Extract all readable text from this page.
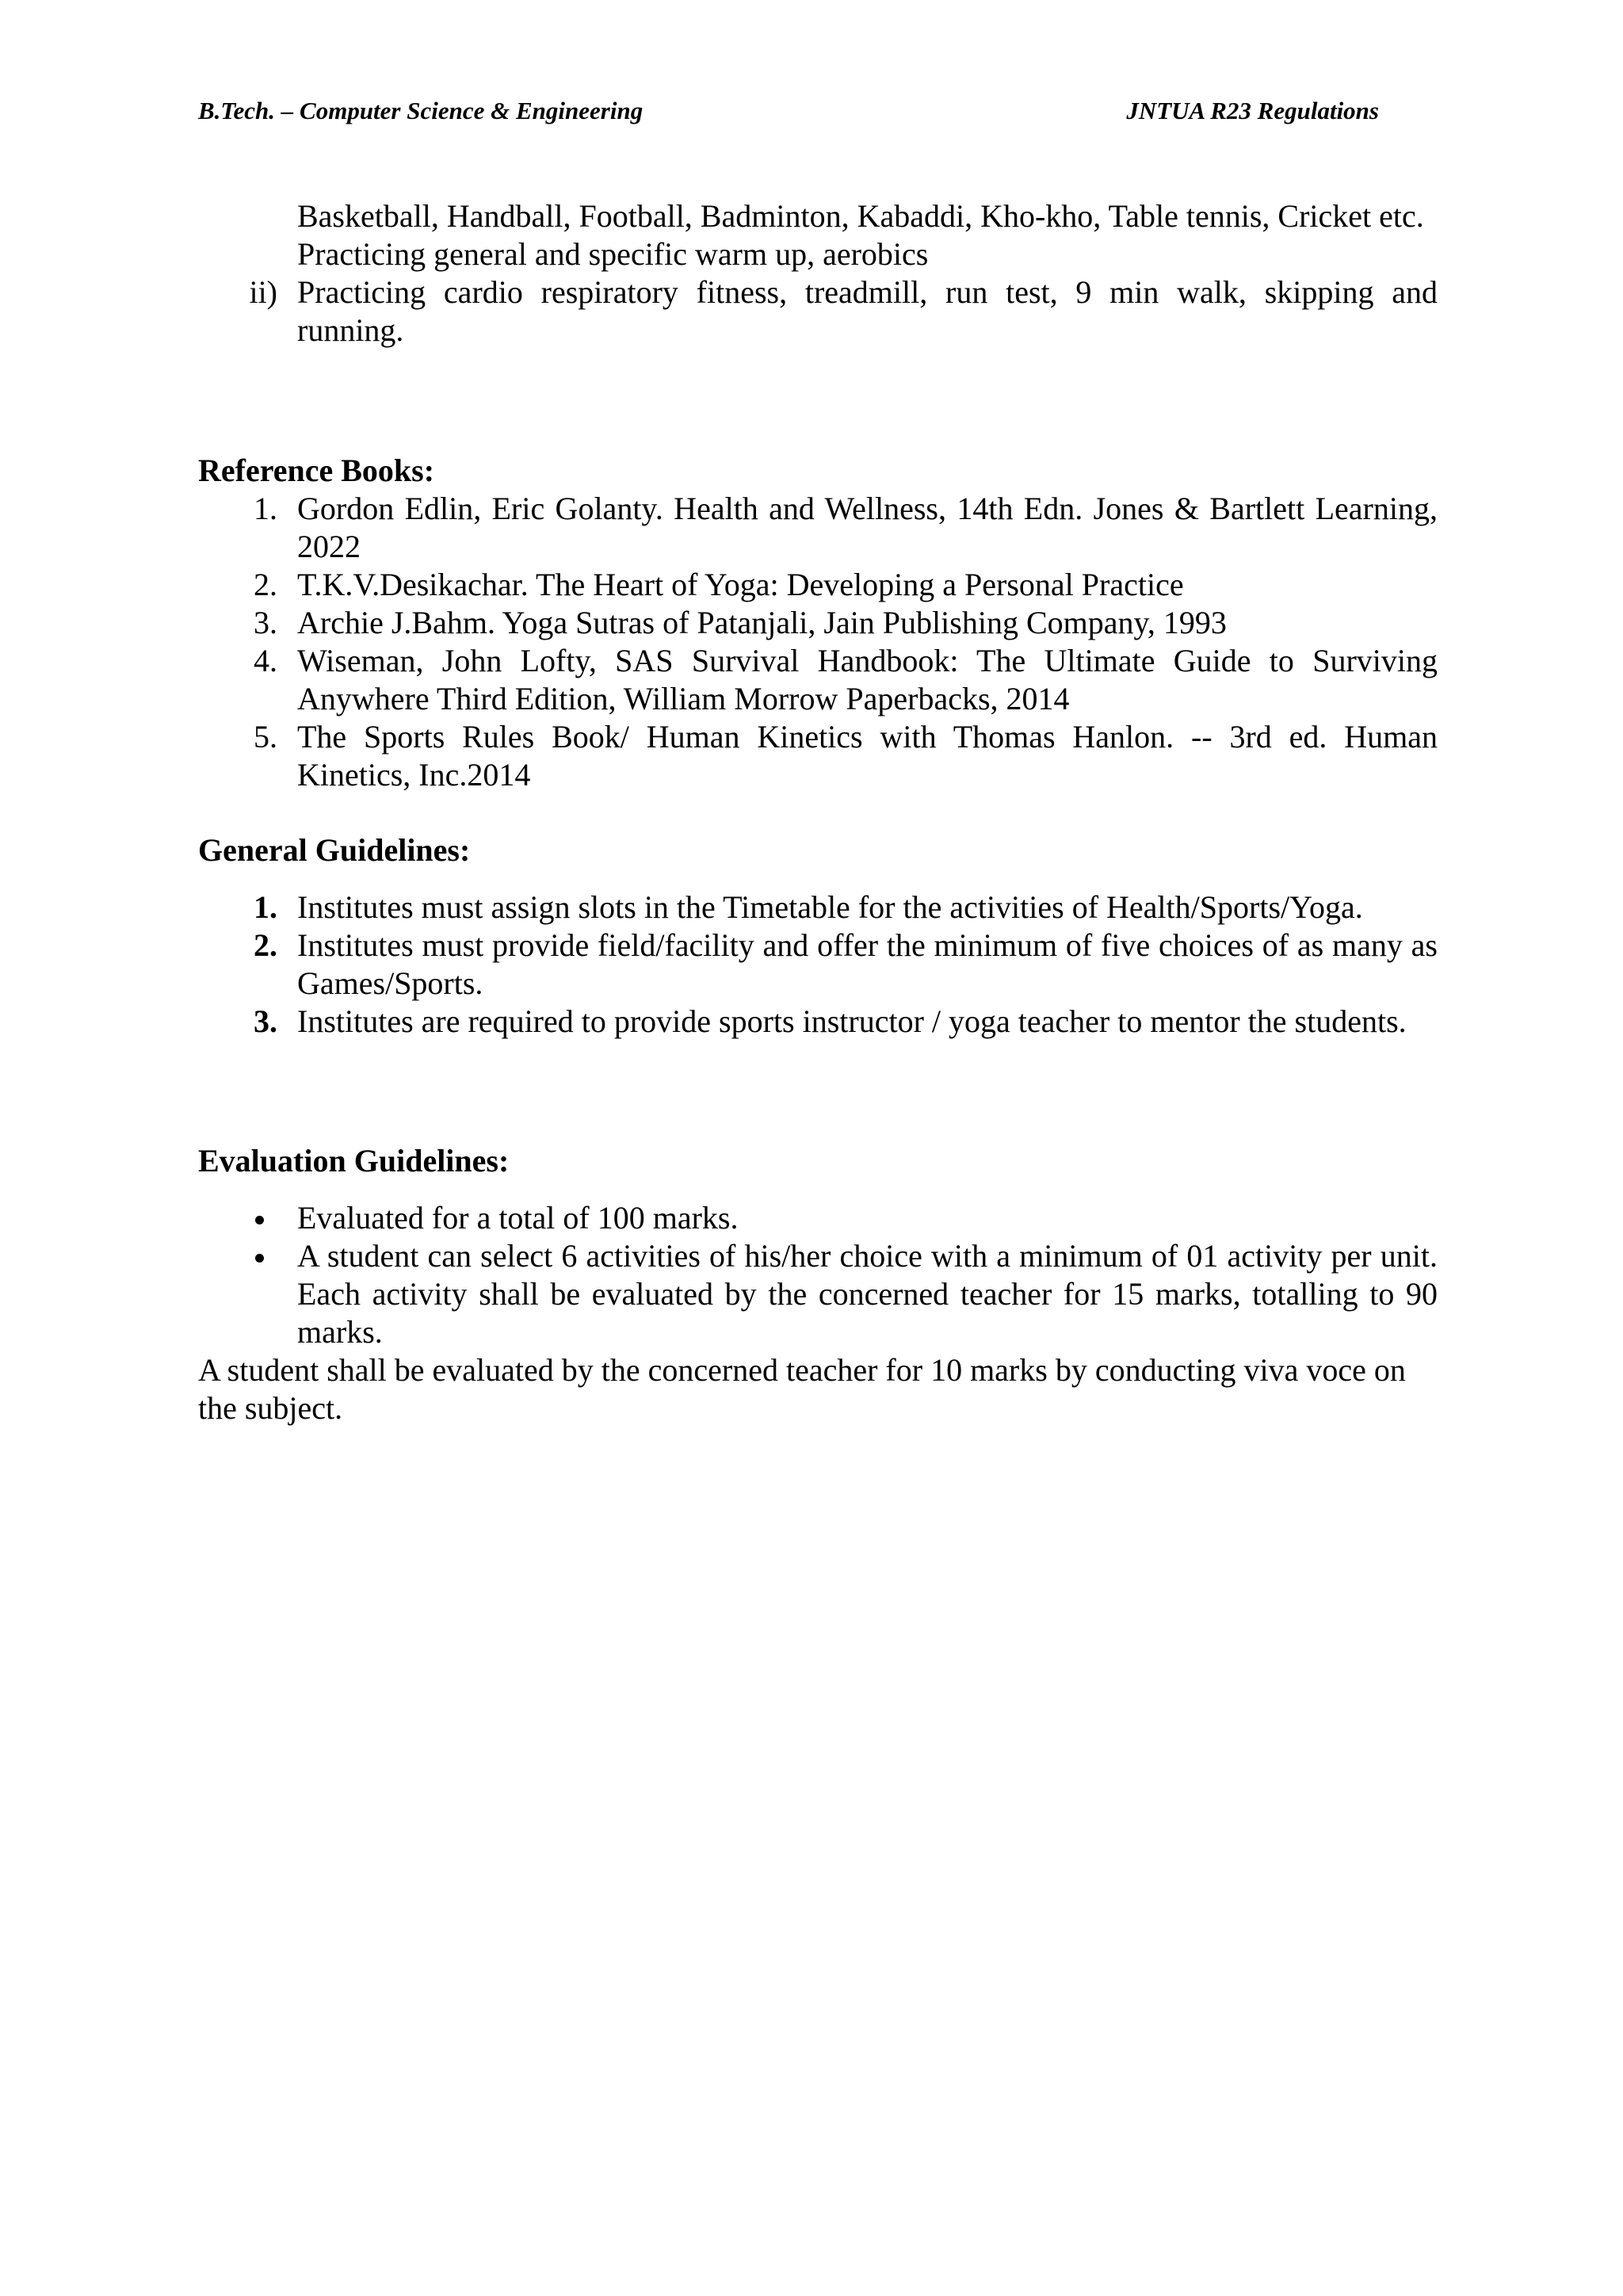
B.Tech. – Computer Science & Engineering	JNTUA R23 Regulations
Basketball, Handball, Football, Badminton, Kabaddi, Kho-kho, Table tennis, Cricket etc.
Practicing general and specific warm up, aerobics
ii) Practicing cardio respiratory fitness, treadmill, run test, 9 min walk, skipping and running.
Reference Books:
1. Gordon Edlin, Eric Golanty. Health and Wellness, 14th Edn. Jones & Bartlett Learning, 2022
2. T.K.V.Desikachar. The Heart of Yoga: Developing a Personal Practice
3. Archie J.Bahm. Yoga Sutras of Patanjali, Jain Publishing Company, 1993
4. Wiseman, John Lofty, SAS Survival Handbook: The Ultimate Guide to Surviving Anywhere Third Edition, William Morrow Paperbacks, 2014
5. The Sports Rules Book/ Human Kinetics with Thomas Hanlon. -- 3rd ed. Human Kinetics, Inc.2014
General Guidelines:
1. Institutes must assign slots in the Timetable for the activities of Health/Sports/Yoga.
2. Institutes must provide field/facility and offer the minimum of five choices of as many as Games/Sports.
3. Institutes are required to provide sports instructor / yoga teacher to mentor the students.
Evaluation Guidelines:
Evaluated for a total of 100 marks.
A student can select 6 activities of his/her choice with a minimum of 01 activity per unit. Each activity shall be evaluated by the concerned teacher for 15 marks, totalling to 90 marks.
A student shall be evaluated by the concerned teacher for 10 marks by conducting viva voce on the subject.
